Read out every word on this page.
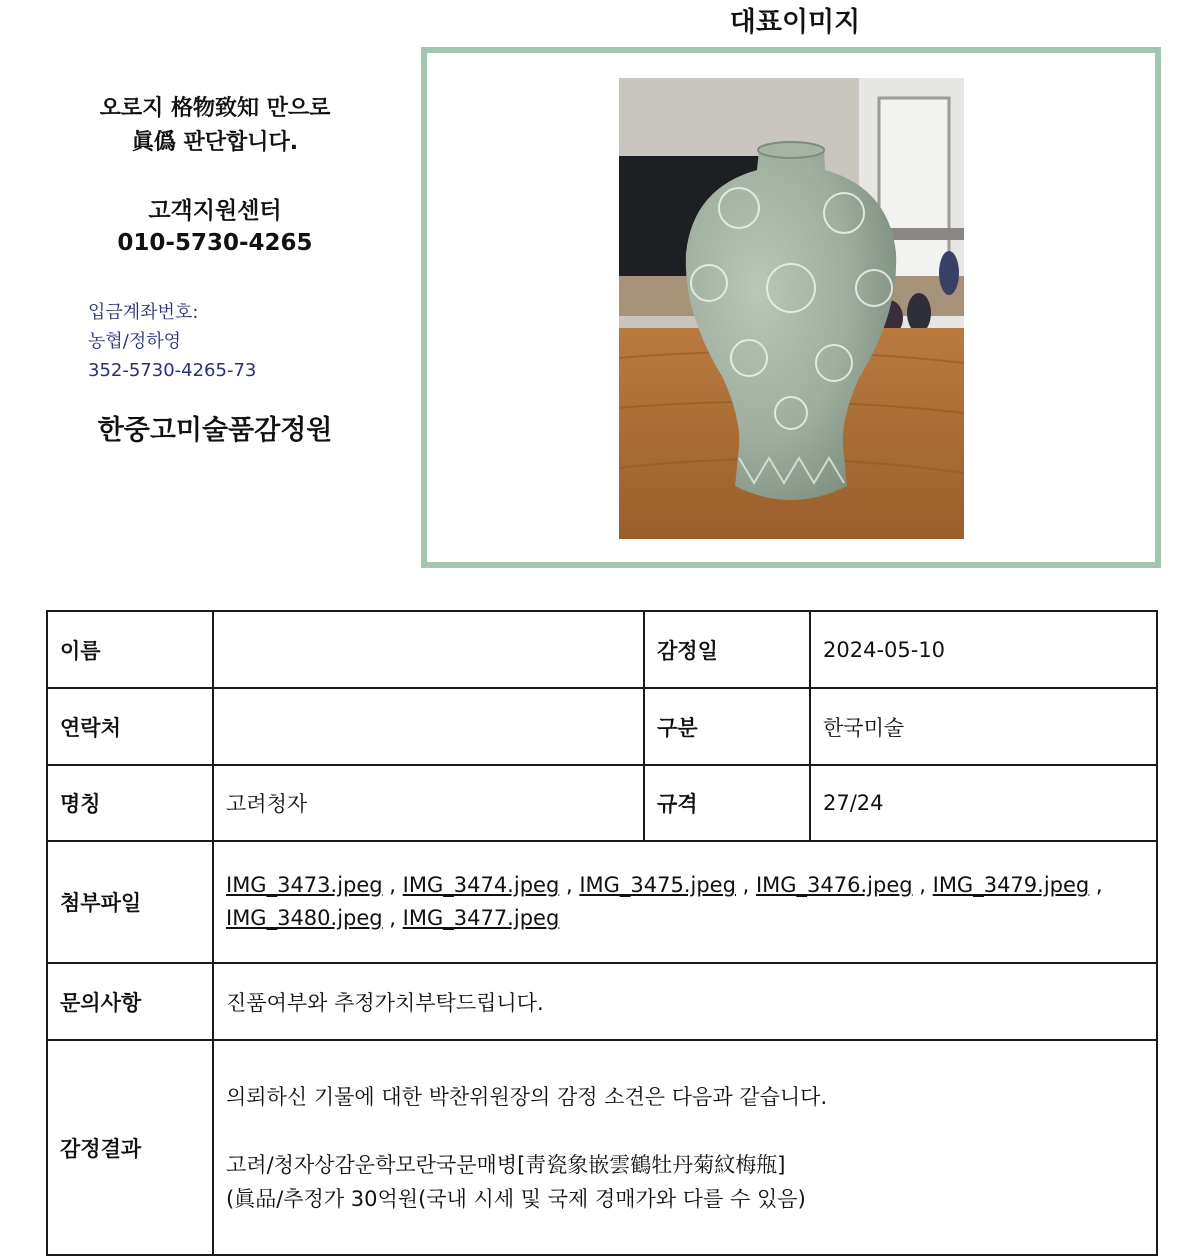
오로지 格物致知 만으로
眞僞 판단합니다.
고객지원센터
010-5730-4265
입금계좌번호:
농협/정하영
352-5730-4265-73
한중고미술품감정원
대표이미지
이름		감정일	2024-05-10
연락처		구분	한국미술
명칭	고려청자	규격	27/24
첨부파일	IMG_3473.jpeg , IMG_3474.jpeg , IMG_3475.jpeg , IMG_3476.jpeg , IMG_3479.jpeg ,
IMG_3480.jpeg , IMG_3477.jpeg		
문의사항	진품여부와 추정가치부탁드립니다.		
감정결과	의뢰하신 기물에 대한 박찬위원장의 감정 소견은 다음과 같습니다.
고려/청자상감운학모란국문매병[靑瓷象嵌雲鶴牡丹菊紋梅甁]
(眞品/추정가 30억원(국내 시세 및 국제 경매가와 다를 수 있음)		
